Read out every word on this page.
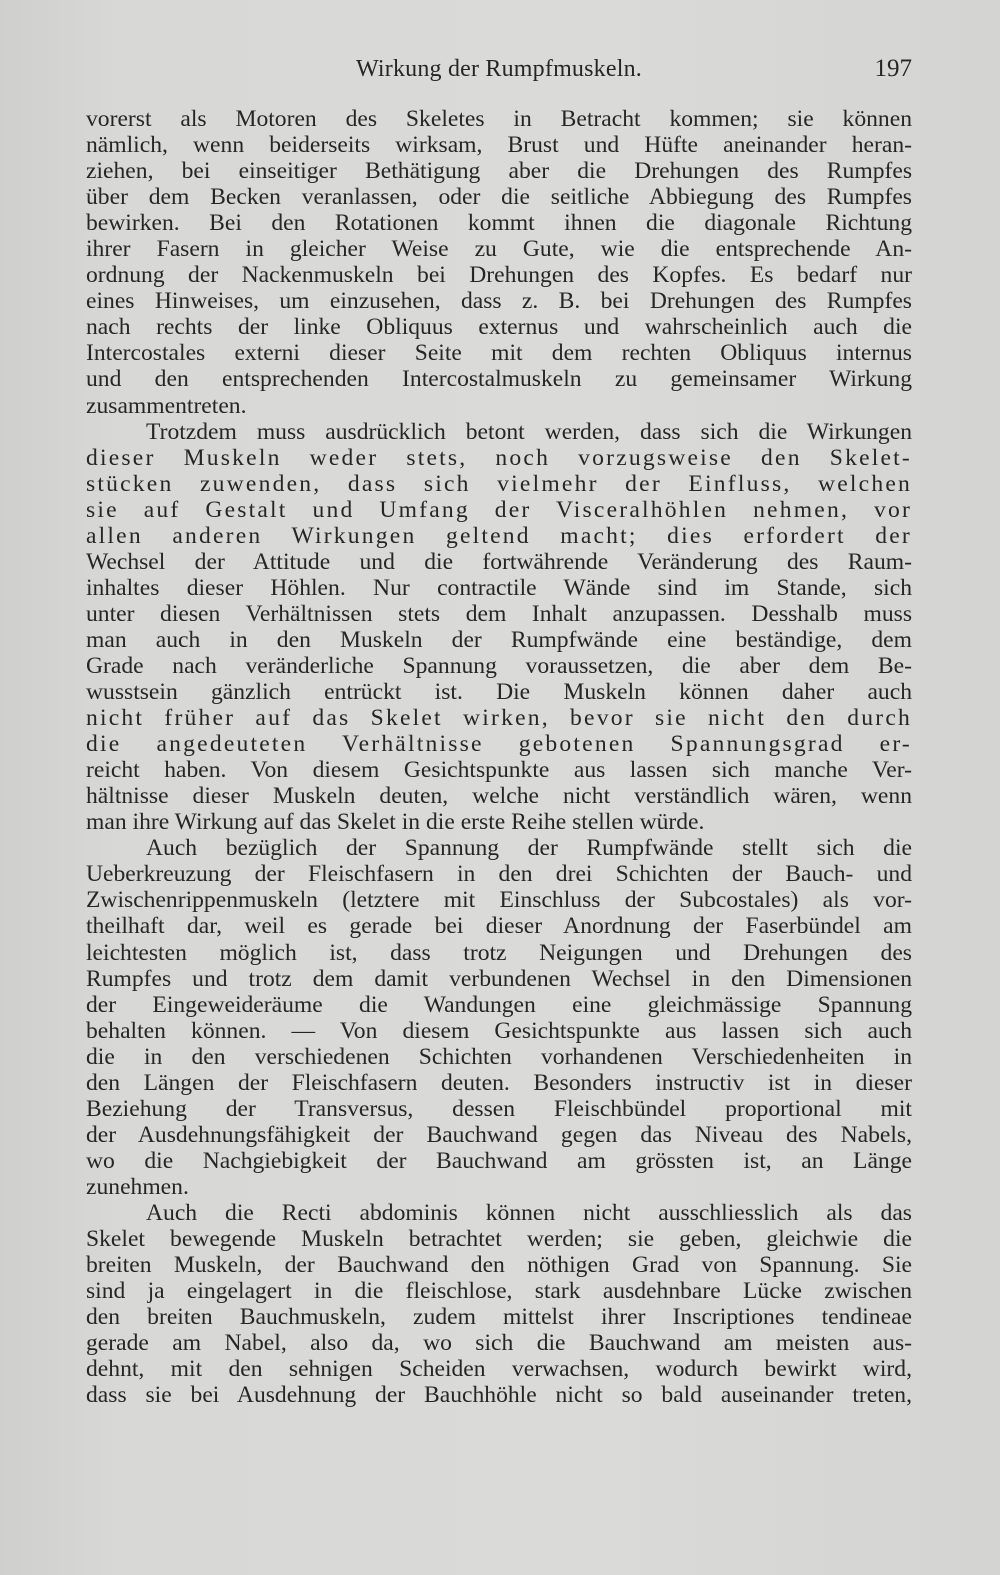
Wirkung der Rumpfmuskeln.	197
vorerst als Motoren des Skeletes in Betracht kommen; sie können
nämlich, wenn beiderseits wirksam, Brust und Hüfte aneinander heran-
ziehen, bei einseitiger Bethätigung aber die Drehungen des Rumpfes
über dem Becken veranlassen, oder die seitliche Abbiegung des Rumpfes
bewirken. Bei den Rotationen kommt ihnen die diagonale Richtung
ihrer Fasern in gleicher Weise zu Gute, wie die entsprechende An-
ordnung der Nackenmuskeln bei Drehungen des Kopfes. Es bedarf nur
eines Hinweises, um einzusehen, dass z. B. bei Drehungen des Rumpfes
nach rechts der linke Obliquus externus und wahrscheinlich auch die
Intercostales externi dieser Seite mit dem rechten Obliquus internus
und den entsprechenden Intercostalmuskeln zu gemeinsamer Wirkung
zusammentreten.
Trotzdem muss ausdrücklich betont werden, dass sich die Wirkungen
dieser Muskeln weder stets, noch vorzugsweise den Skelet-
stücken zuwenden, dass sich vielmehr der Einfluss, welchen
sie auf Gestalt und Umfang der Visceralhöhlen nehmen, vor
allen anderen Wirkungen geltend macht; dies erfordert der
Wechsel der Attitude und die fortwährende Veränderung des Raum-
inhaltes dieser Höhlen. Nur contractile Wände sind im Stande, sich
unter diesen Verhältnissen stets dem Inhalt anzupassen. Desshalb muss
man auch in den Muskeln der Rumpfwände eine beständige, dem
Grade nach veränderliche Spannung voraussetzen, die aber dem Be-
wusstsein gänzlich entrückt ist. Die Muskeln können daher auch
nicht früher auf das Skelet wirken, bevor sie nicht den durch
die angedeuteten Verhältnisse gebotenen Spannungsgrad er-
reicht haben. Von diesem Gesichtspunkte aus lassen sich manche Ver-
hältnisse dieser Muskeln deuten, welche nicht verständlich wären, wenn
man ihre Wirkung auf das Skelet in die erste Reihe stellen würde.
Auch bezüglich der Spannung der Rumpfwände stellt sich die
Ueberkreuzung der Fleischfasern in den drei Schichten der Bauch- und
Zwischenrippenmuskeln (letztere mit Einschluss der Subcostales) als vor-
theilhaft dar, weil es gerade bei dieser Anordnung der Faserbündel am
leichtesten möglich ist, dass trotz Neigungen und Drehungen des
Rumpfes und trotz dem damit verbundenen Wechsel in den Dimensionen
der Eingeweideräume die Wandungen eine gleichmässige Spannung
behalten können. — Von diesem Gesichtspunkte aus lassen sich auch
die in den verschiedenen Schichten vorhandenen Verschiedenheiten in
den Längen der Fleischfasern deuten. Besonders instructiv ist in dieser
Beziehung der Transversus, dessen Fleischbündel proportional mit
der Ausdehnungsfähigkeit der Bauchwand gegen das Niveau des Nabels,
wo die Nachgiebigkeit der Bauchwand am grössten ist, an Länge
zunehmen.
Auch die Recti abdominis können nicht ausschliesslich als das
Skelet bewegende Muskeln betrachtet werden; sie geben, gleichwie die
breiten Muskeln, der Bauchwand den nöthigen Grad von Spannung. Sie
sind ja eingelagert in die fleischlose, stark ausdehnbare Lücke zwischen
den breiten Bauchmuskeln, zudem mittelst ihrer Inscriptiones tendineae
gerade am Nabel, also da, wo sich die Bauchwand am meisten aus-
dehnt, mit den sehnigen Scheiden verwachsen, wodurch bewirkt wird,
dass sie bei Ausdehnung der Bauchhöhle nicht so bald auseinander treten,
